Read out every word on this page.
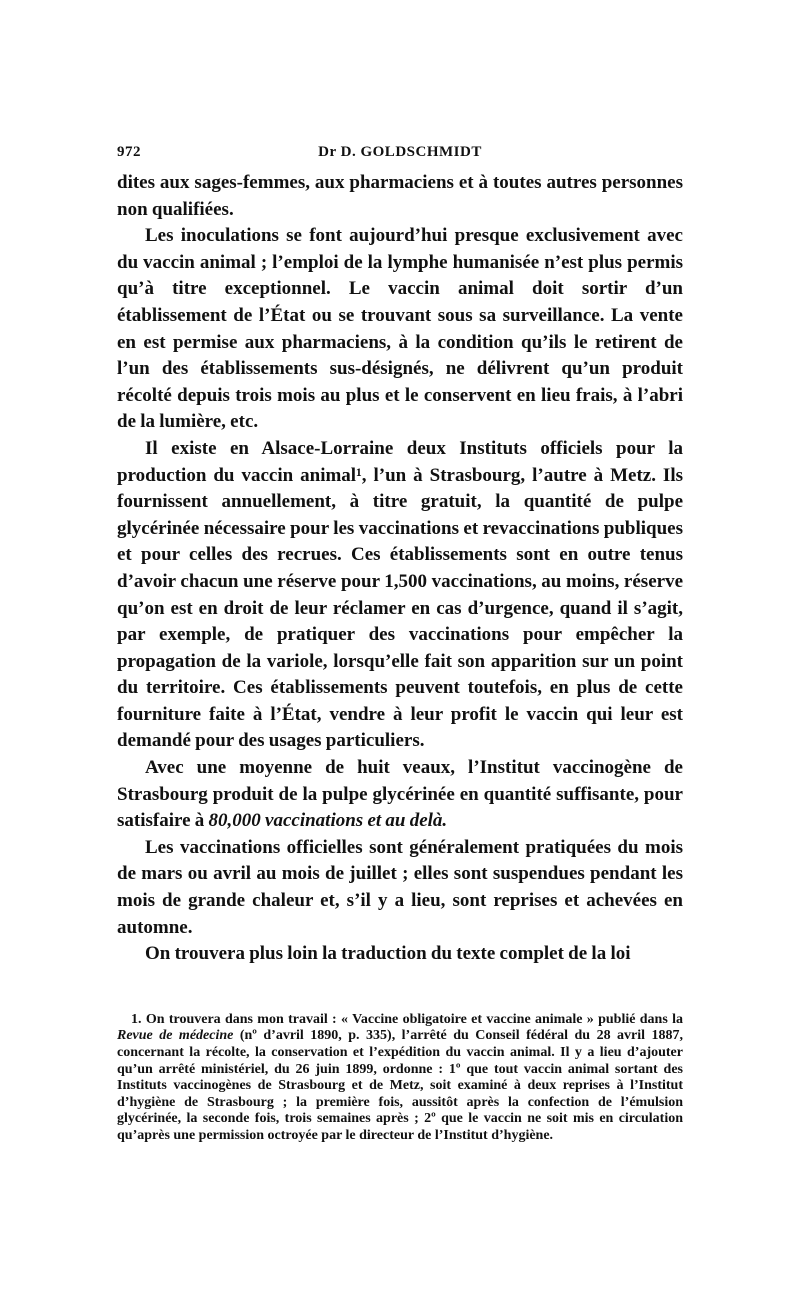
972	Dr D. GOLDSCHMIDT

dites aux sages-femmes, aux pharmaciens et à toutes autres personnes non qualifiées.

Les inoculations se font aujourd’hui presque exclusivement avec du vaccin animal ; l’emploi de la lymphe humanisée n’est plus permis qu’à titre exceptionnel. Le vaccin animal doit sortir d’un établissement de l’État ou se trouvant sous sa surveillance. La vente en est permise aux pharmaciens, à la condition qu’ils le retirent de l’un des établissements sus-désignés, ne délivrent qu’un produit récolté depuis trois mois au plus et le conservent en lieu frais, à l’abri de la lumière, etc.

Il existe en Alsace-Lorraine deux Instituts officiels pour la production du vaccin animal¹, l’un à Strasbourg, l’autre à Metz. Ils fournissent annuellement, à titre gratuit, la quantité de pulpe glycérinée nécessaire pour les vaccinations et revaccinations publiques et pour celles des recrues. Ces établissements sont en outre tenus d’avoir chacun une réserve pour 1,500 vaccinations, au moins, réserve qu’on est en droit de leur réclamer en cas d’urgence, quand il s’agit, par exemple, de pratiquer des vaccinations pour empêcher la propagation de la variole, lorsqu’elle fait son apparition sur un point du territoire. Ces établissements peuvent toutefois, en plus de cette fourniture faite à l’État, vendre à leur profit le vaccin qui leur est demandé pour des usages particuliers.

Avec une moyenne de huit veaux, l’Institut vaccinogène de Strasbourg produit de la pulpe glycérinée en quantité suffisante, pour satisfaire à 80,000 vaccinations et au delà.

Les vaccinations officielles sont généralement pratiquées du mois de mars ou avril au mois de juillet ; elles sont suspendues pendant les mois de grande chaleur et, s’il y a lieu, sont reprises et achevées en automne.

On trouvera plus loin la traduction du texte complet de la loi

1. On trouvera dans mon travail : « Vaccine obligatoire et vaccine animale » publié dans la Revue de médecine (nº d’avril 1890, p. 335), l’arrêté du Conseil fédéral du 28 avril 1887, concernant la récolte, la conservation et l’expédition du vaccin animal. Il y a lieu d’ajouter qu’un arrêté ministériel, du 26 juin 1899, ordonne : 1º que tout vaccin animal sortant des Instituts vaccinogènes de Strasbourg et de Metz, soit examiné à deux reprises à l’Institut d’hygiène de Strasbourg ; la première fois, aussitôt après la confection de l’émulsion glycérinée, la seconde fois, trois semaines après ; 2º que le vaccin ne soit mis en circulation qu’après une permission octroyée par le directeur de l’Institut d’hygiène.
